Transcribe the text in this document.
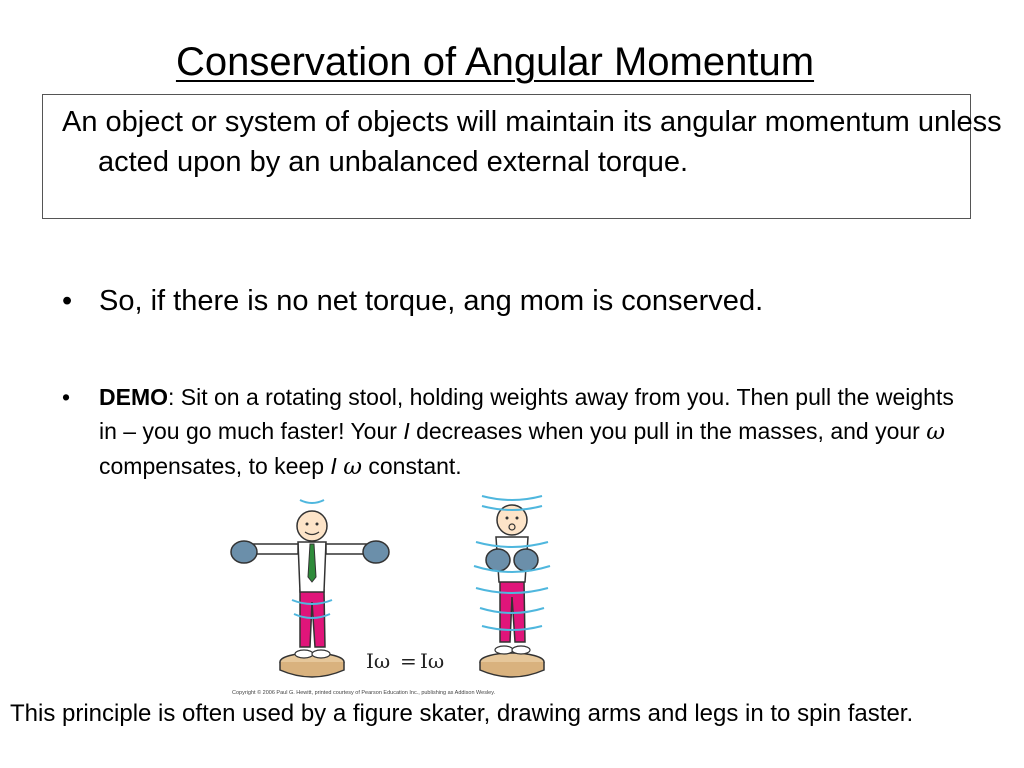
Conservation of Angular Momentum
An object or system of objects will maintain its angular momentum unless acted upon by an unbalanced external torque.
• So, if there is no net torque, ang mom is conserved.
•	DEMO: Sit on a rotating stool, holding weights away from you. Then pull the weights in – you go much faster! Your I decreases when you pull in the masses, and your ω compensates, to keep I ω constant.
Iω = Iω
Copyright © 2006 Paul G. Hewitt, printed courtesy of Pearson Education Inc., publishing as Addison Wesley.
This principle is often used by a figure skater, drawing arms and legs in to spin faster.
